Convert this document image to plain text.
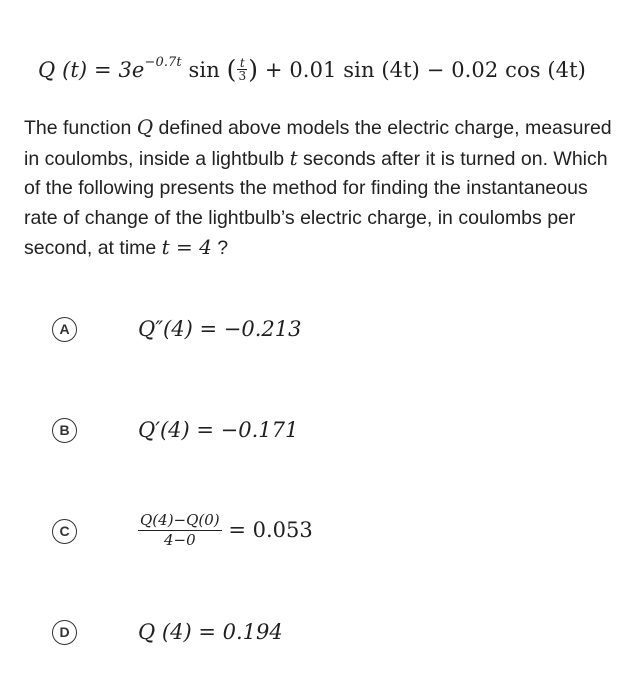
Q $(t) = 3e^{-0.7t}$ sin ( $\frac{t}{3}$ ) + 0.01 sin (4t) − 0.02 cos (4t)
The function Q defined above models the electric charge, measured in coulombs, inside a lightbulb t seconds after it is turned on. Which of the following presents the method for finding the instantaneous rate of change of the lightbulb’s electric charge, in coulombs per second, at time t = 4 ?
A	Q″(4) = −0.213
B	Q′(4) = −0.171
C	$\frac{Q(4)-Q(0)}{4-0} = 0.053$
D	Q (4) = 0.194
